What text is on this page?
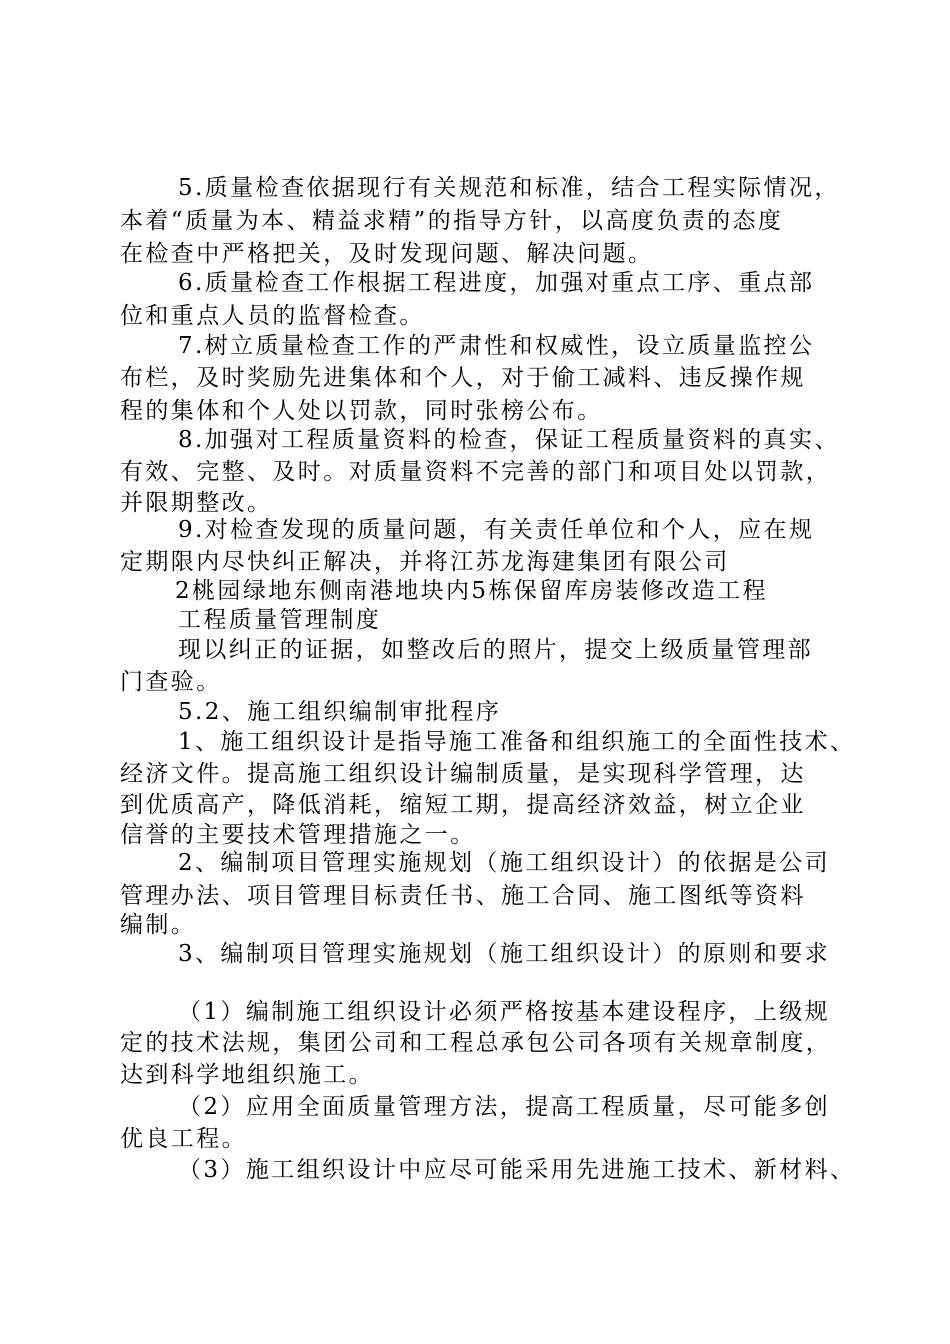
5.质量检查依据现行有关规范和标准，结合工程实际情况，
本着“质量为本、精益求精”的指导方针，以高度负责的态度
在检查中严格把关，及时发现问题、解决问题。
6.质量检查工作根据工程进度，加强对重点工序、重点部
位和重点人员的监督检查。
7.树立质量检查工作的严肃性和权威性，设立质量监控公
布栏，及时奖励先进集体和个人，对于偷工减料、违反操作规
程的集体和个人处以罚款，同时张榜公布。
8.加强对工程质量资料的检查，保证工程质量资料的真实、
有效、完整、及时。对质量资料不完善的部门和项目处以罚款，
并限期整改。
9.对检查发现的质量问题，有关责任单位和个人，应在规
定期限内尽快纠正解决，并将江苏龙海建集团有限公司
2桃园绿地东侧南港地块内5栋保留库房装修改造工程
工程质量管理制度
现以纠正的证据，如整改后的照片，提交上级质量管理部
门查验。
5.2、施工组织编制审批程序
1、施工组织设计是指导施工准备和组织施工的全面性技术、
经济文件。提高施工组织设计编制质量，是实现科学管理，达
到优质高产，降低消耗，缩短工期，提高经济效益，树立企业
信誉的主要技术管理措施之一。
2、编制项目管理实施规划（施工组织设计）的依据是公司
管理办法、项目管理目标责任书、施工合同、施工图纸等资料
编制。
3、编制项目管理实施规划（施工组织设计）的原则和要求
（1）编制施工组织设计必须严格按基本建设程序，上级规
定的技术法规，集团公司和工程总承包公司各项有关规章制度，
达到科学地组织施工。
（2）应用全面质量管理方法，提高工程质量，尽可能多创
优良工程。
（3）施工组织设计中应尽可能采用先进施工技术、新材料、
